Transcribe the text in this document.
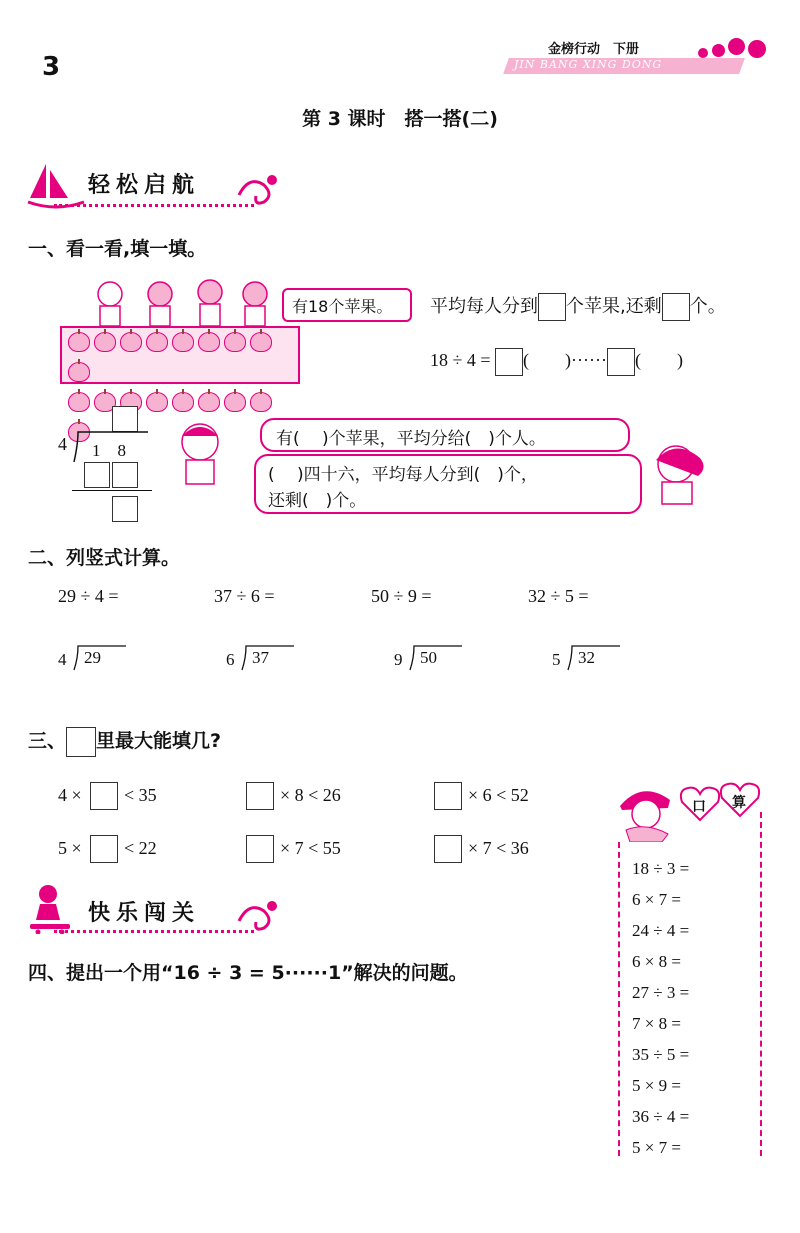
3
金榜行动　下册
JIN BANG XING DONG
第 3 课时　搭一搭(二)
轻松启航
一、看一看,填一填。
有18个苹果。 平均每人分到 个苹果,还剩 个。
18 ÷ 4 = (　　)······ (　　)
4 1　8
有(　 )个苹果，平均分给(　)个人。
(　 )四十六，平均每人分到(　)个，
还剩(　)个。
二、列竖式计算。
29 ÷ 4 =	37 ÷ 6 =	50 ÷ 9 =	32 ÷ 5 =
4 29	6 37	9 50	5 32
三、 里最大能填几?
4 × < 35	× 8 < 26	× 6 < 52
5 × < 22	× 7 < 55	× 7 < 36
快乐闯关
四、提出一个用“16 ÷ 3 = 5······1”解决的问题。
口 算
18 ÷ 3 =
6 × 7 =
24 ÷ 4 =
6 × 8 =
27 ÷ 3 =
7 × 8 =
35 ÷ 5 =
5 × 9 =
36 ÷ 4 =
5 × 7 =
